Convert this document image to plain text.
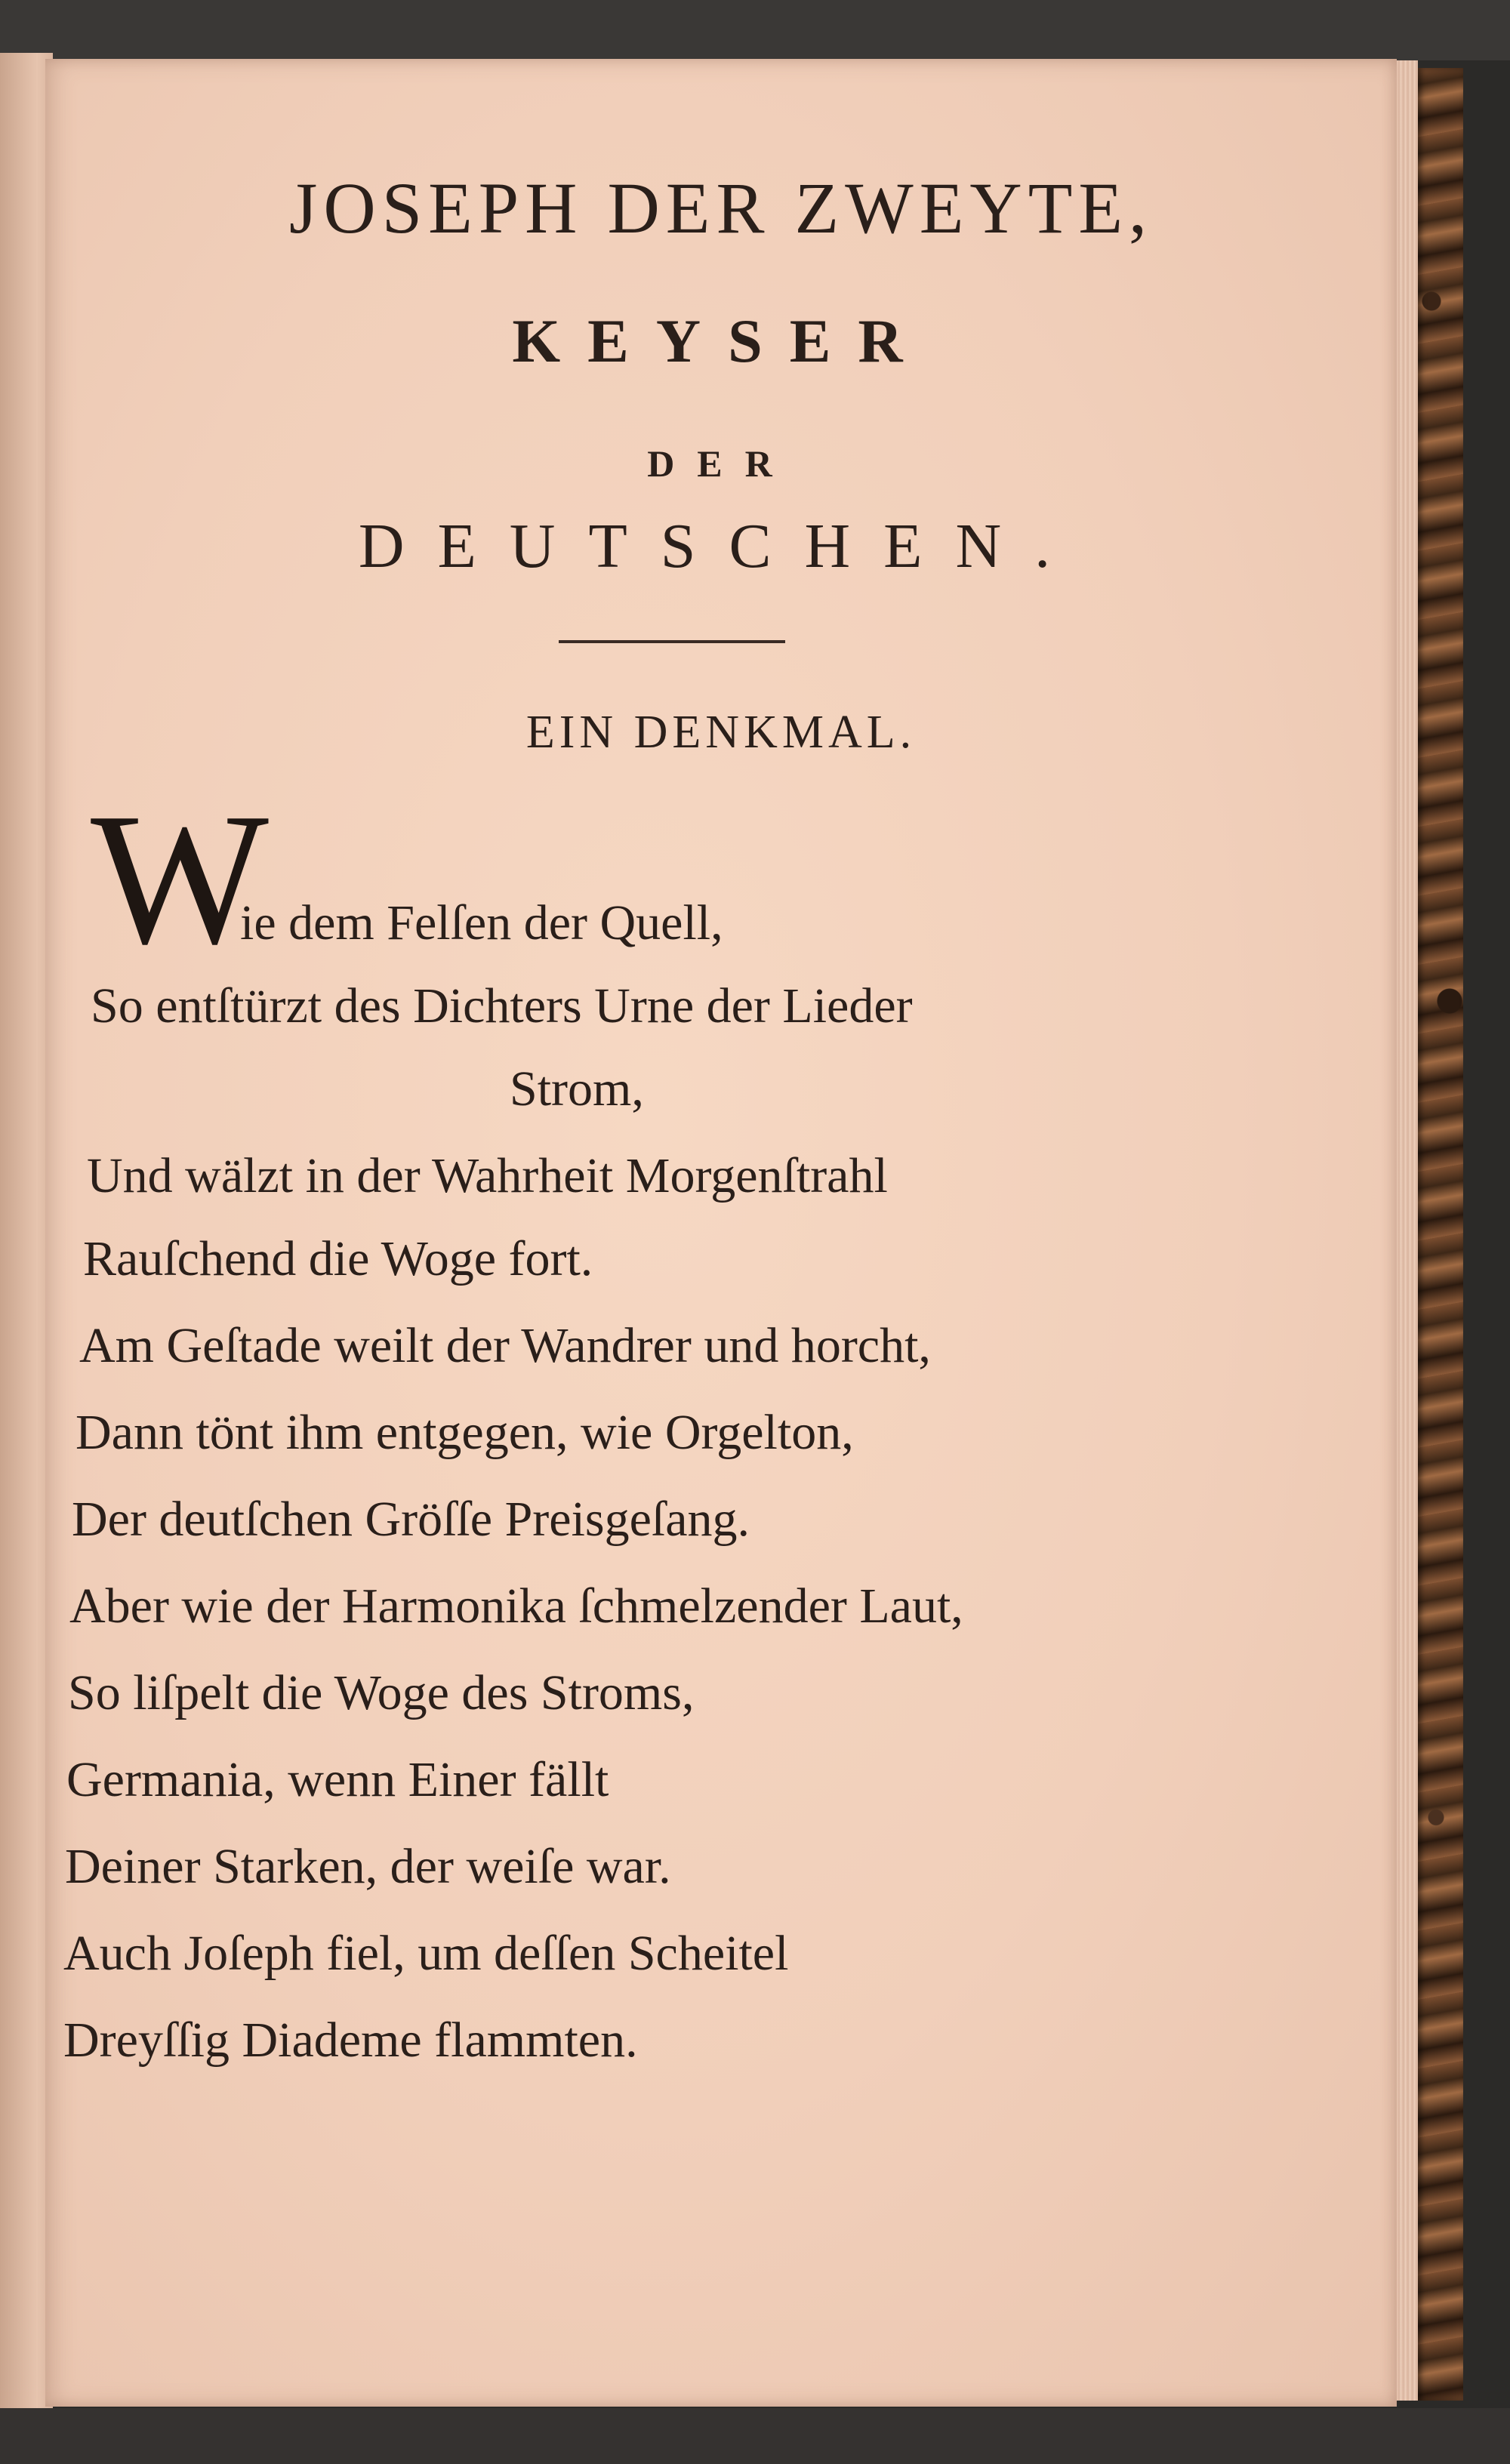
JOSEPH DER ZWEYTE,
KEYSER
DER
DEUTSCHEN.
EIN DENKMAL.
W
ie dem Felſen der Quell,
So entſtürzt des Dichters Urne der Lieder
Strom,
Und wälzt in der Wahrheit Morgenſtrahl
Rauſchend die Woge fort.
Am Geſtade weilt der Wandrer und horcht,
Dann tönt ihm entgegen, wie Orgelton,
Der deutſchen Gröſſe Preisgeſang.
Aber wie der Harmonika ſchmelzender Laut,
So liſpelt die Woge des Stroms,
Germania, wenn Einer fällt
Deiner Starken, der weiſe war.
Auch Joſeph fiel, um deſſen Scheitel
Dreyſſig Diademe flammten.
